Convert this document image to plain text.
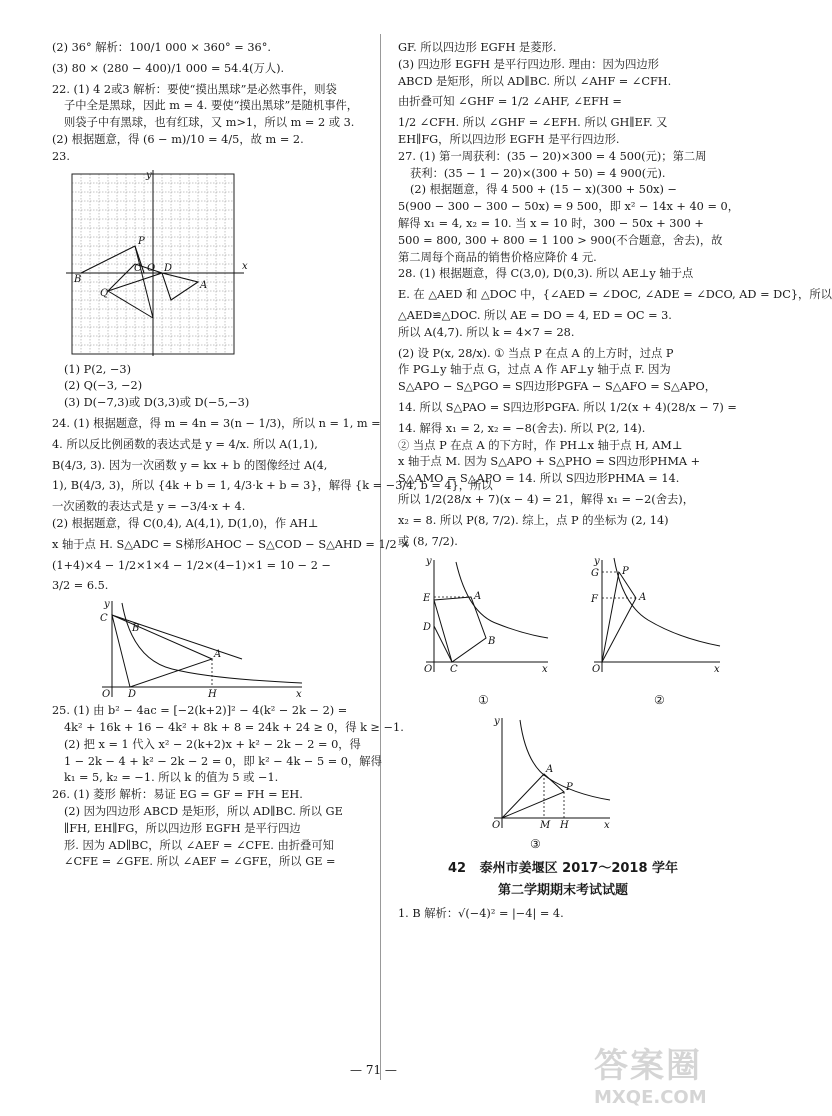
(2) 36° 解析：100/1 000 × 360° = 36°.

(3) 80 × (280 − 400)/1 000 = 54.4(万人).

22. (1) 4 2或3 解析：要使“摸出黑球”是必然事件，则袋

子中全是黑球，因此 m = 4. 要使“摸出黑球”是随机事件，

则袋子中有黑球，也有红球，又 m>1，所以 m = 2 或 3.

(2) 根据题意，得 (6 − m)/10 = 4/5，故 m = 2.

23.

y
x
P
B
C O
Q
D
A

(1) P(2, −3)

(2) Q(−3, −2)

(3) D(−7,3)或 D(3,3)或 D(−5,−3)

24. (1) 根据题意，得 m = 4n = 3(n − 1/3)，所以 n = 1, m =

4. 所以反比例函数的表达式是 y = 4/x. 所以 A(1,1),

B(4/3, 3). 因为一次函数 y = kx + b 的图像经过 A(4,

1), B(4/3, 3)，所以 {4k + b = 1, 4/3·k + b = 3}，解得 {k = −3/4, b = 4}，所以

一次函数的表达式是 y = −3/4·x + 4.

(2) 根据题意，得 C(0,4), A(4,1), D(1,0)，作 AH⊥

x 轴于点 H. S△ADC = S梯形AHOC − S△COD − S△AHD = 1/2 ×

(1+4)×4 − 1/2×1×4 − 1/2×(4−1)×1 = 10 − 2 −

3/2 = 6.5.

y
C
B
A
O D	H	x

25. (1) 由 b² − 4ac = [−2(k+2)]² − 4(k² − 2k − 2) =

4k² + 16k + 16 − 4k² + 8k + 8 = 24k + 24 ≥ 0，得 k ≥ −1.

(2) 把 x = 1 代入 x² − 2(k+2)x + k² − 2k − 2 = 0，得

1 − 2k − 4 + k² − 2k − 2 = 0，即 k² − 4k − 5 = 0，解得

k₁ = 5, k₂ = −1. 所以 k 的值为 5 或 −1.

26. (1) 菱形 解析：易证 EG = GF = FH = EH.

(2) 因为四边形 ABCD 是矩形，所以 AD∥BC. 所以 GE

∥FH, EH∥FG，所以四边形 EGFH 是平行四边

形. 因为 AD∥BC，所以 ∠AEF = ∠CFE. 由折叠可知

∠CFE = ∠GFE. 所以 ∠AEF = ∠GFE，所以 GE =

GF. 所以四边形 EGFH 是菱形.

(3) 四边形 EGFH 是平行四边形. 理由：因为四边形

ABCD 是矩形，所以 AD∥BC. 所以 ∠AHF = ∠CFH.

由折叠可知 ∠GHF = 1/2 ∠AHF, ∠EFH =

1/2 ∠CFH. 所以 ∠GHF = ∠EFH. 所以 GH∥EF. 又

EH∥FG，所以四边形 EGFH 是平行四边形.

27. (1) 第一周获利：(35 − 20)×300 = 4 500(元)；第二周

获利：(35 − 1 − 20)×(300 + 50) = 4 900(元).

(2) 根据题意，得 4 500 + (15 − x)(300 + 50x) −

5(900 − 300 − 300 − 50x) = 9 500，即 x² − 14x + 40 = 0，

解得 x₁ = 4, x₂ = 10. 当 x = 10 时，300 − 50x + 300 +

500 = 800, 300 + 800 = 1 100 > 900(不合题意，舍去)，故

第二周每个商品的销售价格应降价 4 元.

28. (1) 根据题意，得 C(3,0), D(0,3). 所以 AE⊥y 轴于点

E. 在 △AED 和 △DOC 中，{∠AED = ∠DOC, ∠ADE = ∠DCO, AD = DC}，所以

△AED≌△DOC. 所以 AE = DO = 4, ED = OC = 3.

所以 A(4,7). 所以 k = 4×7 = 28.

(2) 设 P(x, 28/x). ① 当点 P 在点 A 的上方时，过点 P

作 PG⊥y 轴于点 G，过点 A 作 AF⊥y 轴于点 F. 因为

S△APO − S△PGO = S四边形PGFA − S△AFO = S△APO，

14. 所以 S△PAO = S四边形PGFA. 所以 1/2(x + 4)(28/x − 7) =

14. 解得 x₁ = 2, x₂ = −8(舍去). 所以 P(2, 14).

② 当点 P 在点 A 的下方时，作 PH⊥x 轴于点 H, AM⊥

x 轴于点 M. 因为 S△APO + S△PHO = S四边形PHMA +

S△AMO = S△APO = 14. 所以 S四边形PHMA = 14.

所以 1/2(28/x + 7)(x − 4) = 21，解得 x₁ = −2(舍去)，

x₂ = 8. 所以 P(8, 7/2). 综上，点 P 的坐标为 (2, 14)

或 (8, 7/2).

y
E	A
D
B
O C	x
①
y
G P
F	A
O	x
②
y
A
P
O	M H	x
③
42 泰州市姜堰区 2017～2018 学年
第二学期期末考试试题

1. B 解析：√(−4)² = |−4| = 4.

— 71 —	答案圈
MXQE.COM
